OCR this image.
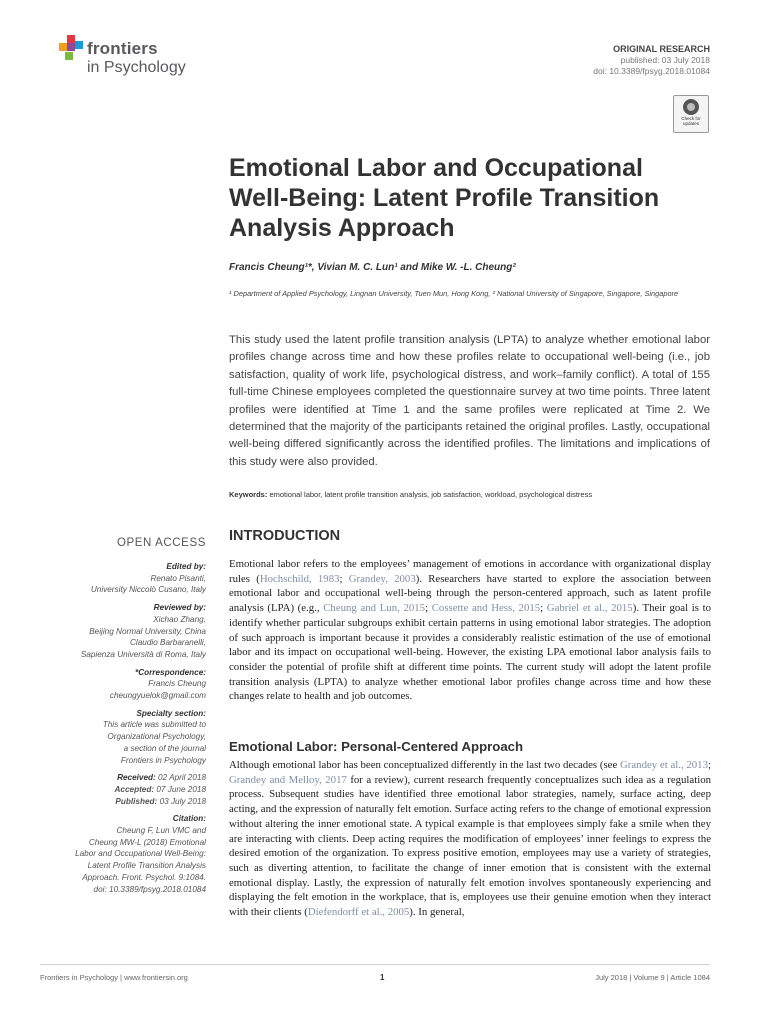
frontiers
in Psychology
ORIGINAL RESEARCH
published: 03 July 2018
doi: 10.3389/fpsyg.2018.01084
Check for
updates
Emotional Labor and Occupational Well-Being: Latent Profile Transition Analysis Approach
Francis Cheung¹*, Vivian M. C. Lun¹ and Mike W. -L. Cheung²
¹ Department of Applied Psychology, Lingnan University, Tuen Mun, Hong Kong, ² National University of Singapore, Singapore, Singapore
This study used the latent profile transition analysis (LPTA) to analyze whether emotional labor profiles change across time and how these profiles relate to occupational well-being (i.e., job satisfaction, quality of work life, psychological distress, and work–family conflict). A total of 155 full-time Chinese employees completed the questionnaire survey at two time points. Three latent profiles were identified at Time 1 and the same profiles were replicated at Time 2. We determined that the majority of the participants retained the original profiles. Lastly, occupational well-being differed significantly across the identified profiles. The limitations and implications of this study were also provided.
Keywords: emotional labor, latent profile transition analysis, job satisfaction, workload, psychological distress
OPEN ACCESS
Edited by:
Renato Pisanti,
University Niccolò Cusano, Italy
Reviewed by:
Xichao Zhang,
Beijing Normal University, China
Claudio Barbaranelli,
Sapienza Università di Roma, Italy
*Correspondence:
Francis Cheung
cheungyuelok@gmail.com
Specialty section:
This article was submitted to
Organizational Psychology,
a section of the journal
Frontiers in Psychology
Received: 02 April 2018
Accepted: 07 June 2018
Published: 03 July 2018
Citation:
Cheung F, Lun VMC and
Cheung MW-L (2018) Emotional
Labor and Occupational Well-Being:
Latent Profile Transition Analysis
Approach. Front. Psychol. 9:1084.
doi: 10.3389/fpsyg.2018.01084
INTRODUCTION
Emotional labor refers to the employees’ management of emotions in accordance with organizational display rules (Hochschild, 1983; Grandey, 2003). Researchers have started to explore the association between emotional labor and occupational well-being through the person-centered approach, such as latent profile analysis (LPA) (e.g., Cheung and Lun, 2015; Cossette and Hess, 2015; Gabriel et al., 2015). Their goal is to identify whether particular subgroups exhibit certain patterns in using emotional labor strategies. The adoption of such approach is important because it provides a considerably realistic estimation of the use of emotional labor and its impact on occupational well-being. However, the existing LPA emotional labor analysis fails to consider the potential of profile shift at different time points. The current study will adopt the latent profile transition analysis (LPTA) to analyze whether emotional labor profiles change across time and how these changes relate to health and job outcomes.
Emotional Labor: Personal-Centered Approach
Although emotional labor has been conceptualized differently in the last two decades (see Grandey et al., 2013; Grandey and Melloy, 2017 for a review), current research frequently conceptualizes such idea as a regulation process. Subsequent studies have identified three emotional labor strategies, namely, surface acting, deep acting, and the expression of naturally felt emotion. Surface acting refers to the change of emotional expression without altering the inner emotional state. A typical example is that employees simply fake a smile when they are interacting with clients. Deep acting requires the modification of employees’ inner feelings to express the desired emotion of the organization. To express positive emotion, employees may use a variety of strategies, such as diverting attention, to facilitate the change of inner emotion that is consistent with the external emotional display. Lastly, the expression of naturally felt emotion involves spontaneously experiencing and displaying the felt emotion in the workplace, that is, employees use their genuine emotion when they interact with their clients (Diefendorff et al., 2005). In general,
Frontiers in Psychology | www.frontiersin.org	1	July 2018 | Volume 9 | Article 1084
